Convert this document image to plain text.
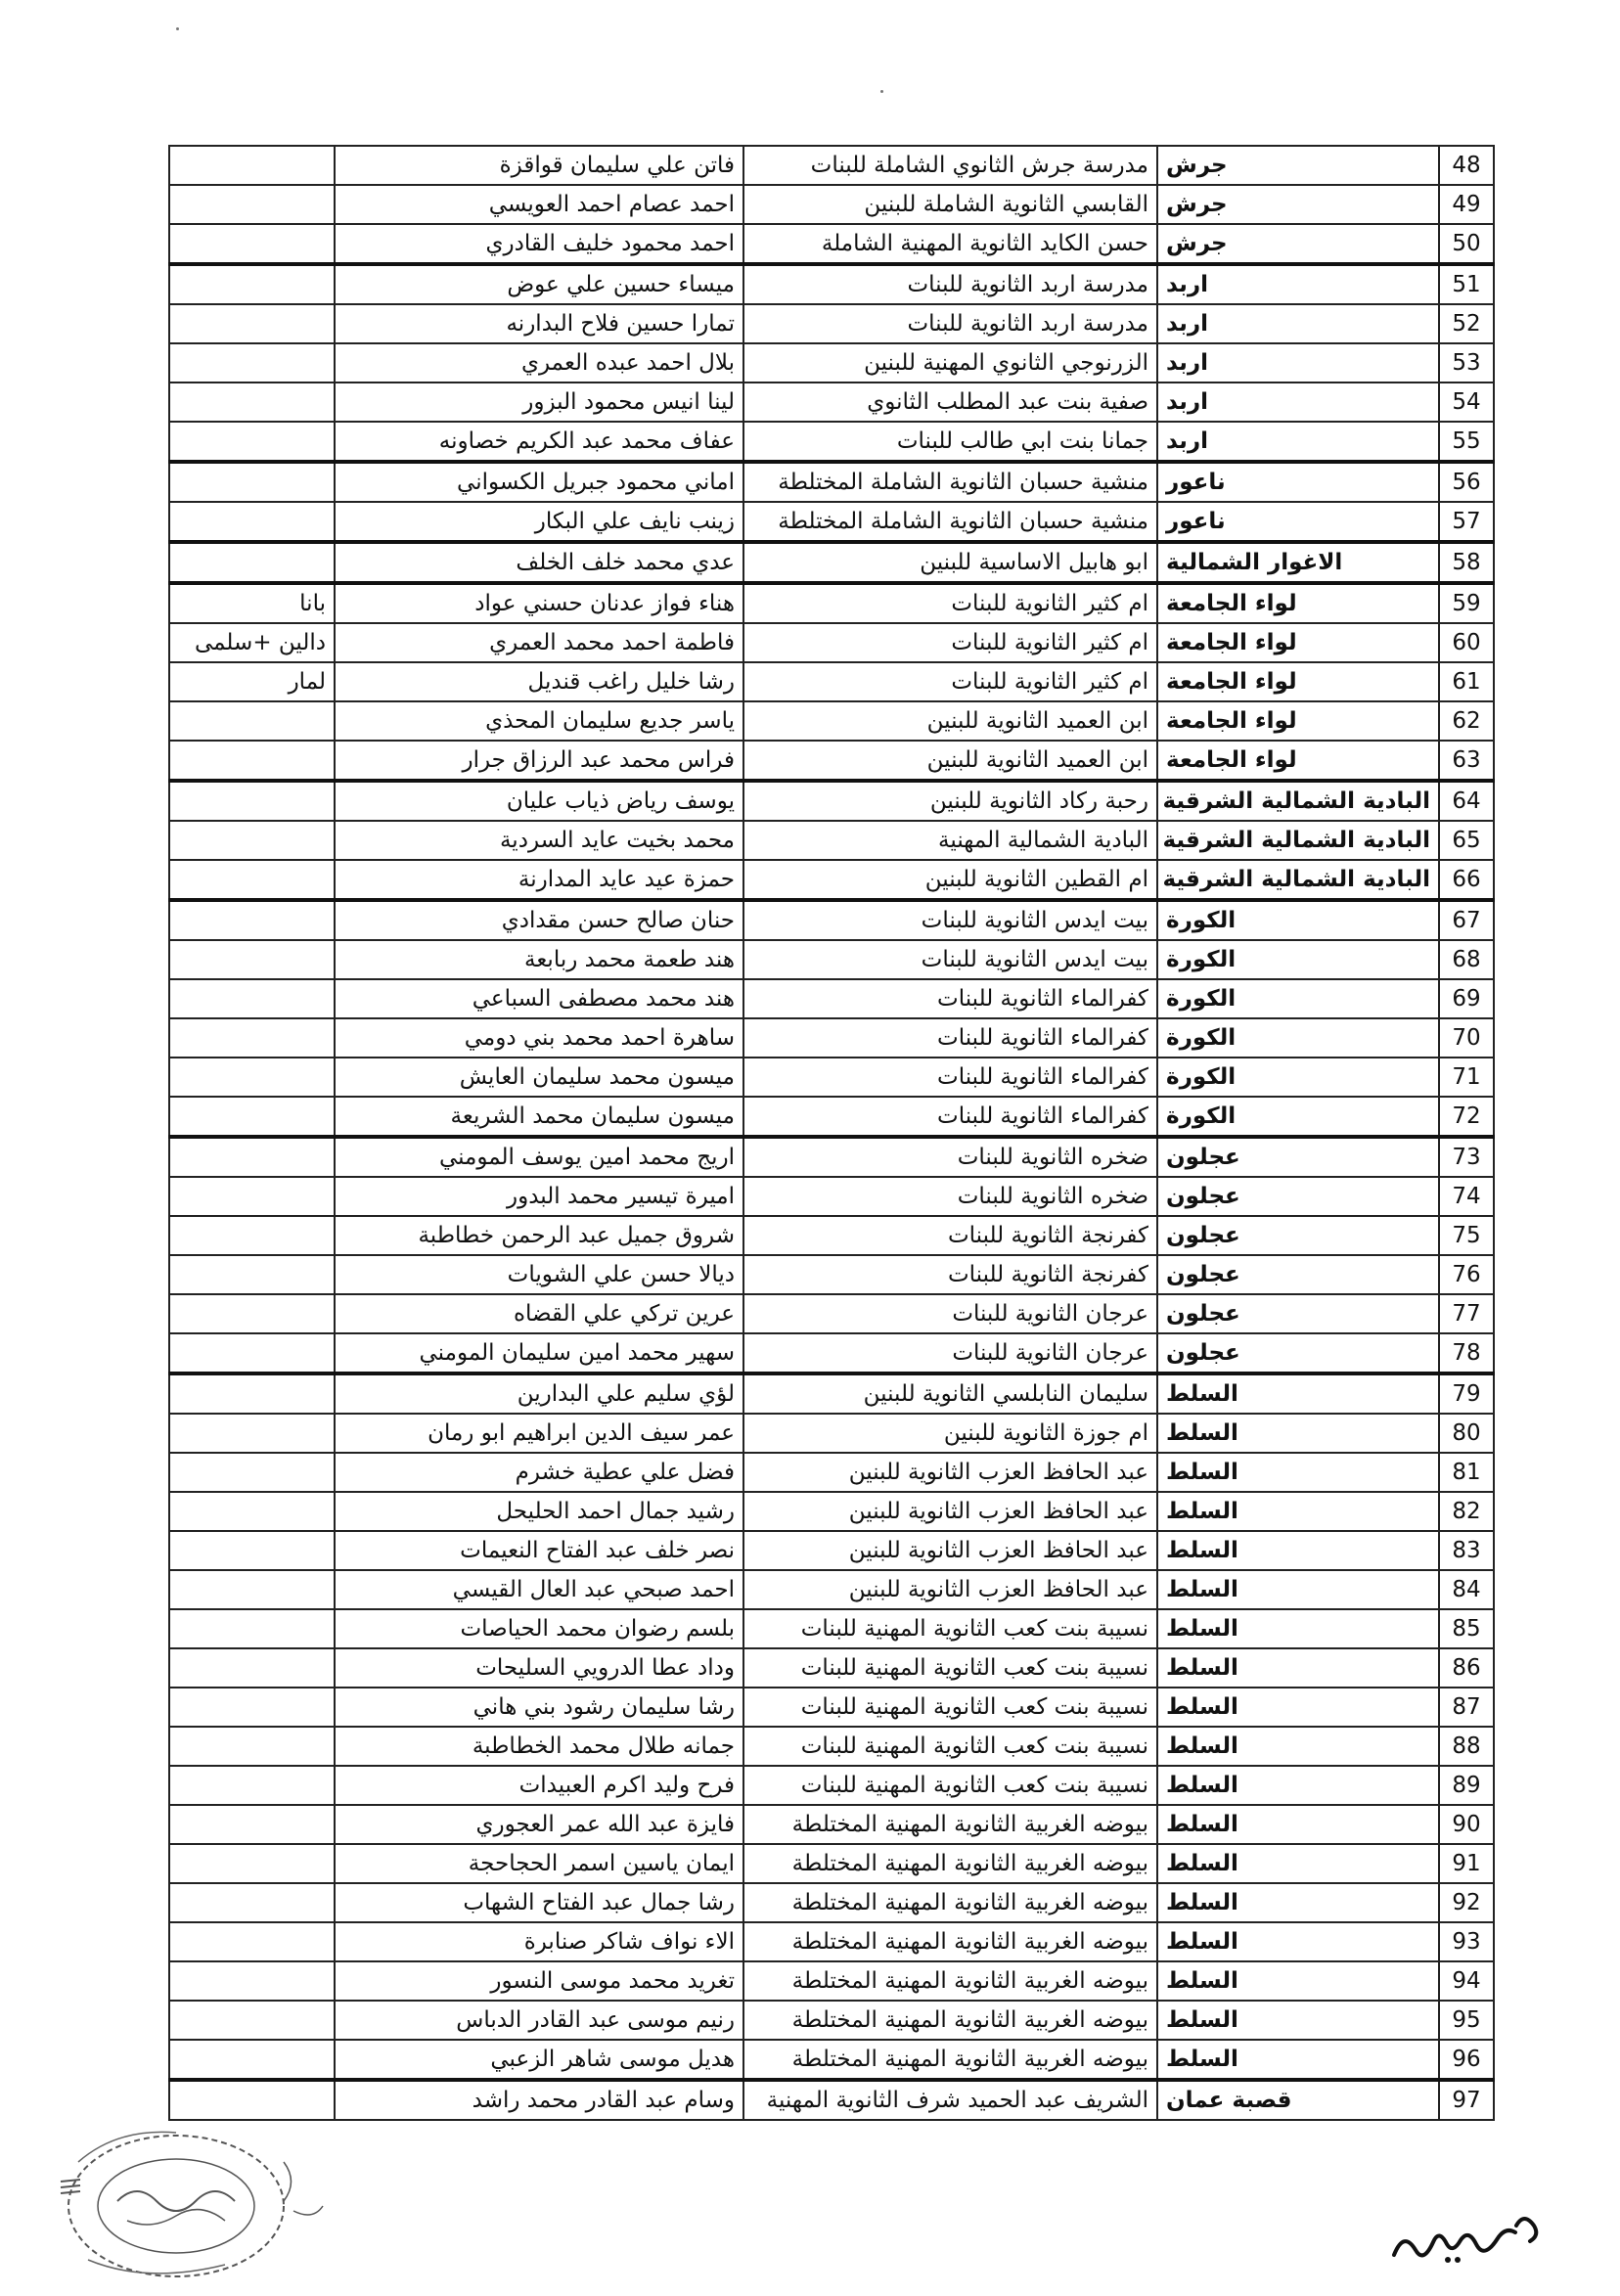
48	جرش	مدرسة جرش الثانوي الشاملة للبنات	فاتن علي سليمان قواقزة	
49	جرش	القابسي الثانوية الشاملة للبنين	احمد عصام احمد العويسي	
50	جرش	حسن الكايد الثانوية المهنية الشاملة	احمد محمود خليف القادري	
51	اربد	مدرسة اربد الثانوية للبنات	ميساء حسين علي عوض	
52	اربد	مدرسة اربد الثانوية للبنات	تمارا حسين فلاح البدارنه	
53	اربد	الزرنوجي الثانوي المهنية للبنين	بلال احمد عبده العمري	
54	اربد	صفية بنت عبد المطلب الثانوي	لينا انيس محمود البزور	
55	اربد	جمانا بنت ابي طالب للبنات	عفاف محمد عبد الكريم خصاونه	
56	ناعور	منشية حسبان الثانوية الشاملة المختلطة	اماني محمود جبريل الكسواني	
57	ناعور	منشية حسبان الثانوية الشاملة المختلطة	زينب نايف علي البكار	
58	الاغوار الشمالية	ابو هابيل الاساسية للبنين	عدي محمد خلف الخلف	
59	لواء الجامعة	ام كثير الثانوية للبنات	هناء فواز عدنان حسني عواد	بانا
60	لواء الجامعة	ام كثير الثانوية للبنات	فاطمة احمد محمد العمري	دالين +سلمى
61	لواء الجامعة	ام كثير الثانوية للبنات	رشا خليل راغب قنديل	لمار
62	لواء الجامعة	ابن العميد الثانوية للبنين	ياسر جديع سليمان المحذي	
63	لواء الجامعة	ابن العميد الثانوية للبنين	فراس محمد عبد الرزاق جرار	
64	البادية الشمالية الشرقية	رحبة ركاد الثانوية للبنين	يوسف رياض ذياب عليان	
65	البادية الشمالية الشرقية	البادية الشمالية المهنية	محمد بخيت عايد السردية	
66	البادية الشمالية الشرقية	ام القطين الثانوية للبنين	حمزة عيد عايد المدارنة	
67	الكورة	بيت ايدس الثانوية للبنات	حنان صالح حسن مقدادي	
68	الكورة	بيت ايدس الثانوية للبنات	هند طعمة محمد ربابعة	
69	الكورة	كفرالماء الثانوية للبنات	هند محمد مصطفى السباعي	
70	الكورة	كفرالماء الثانوية للبنات	ساهرة احمد محمد بني دومي	
71	الكورة	كفرالماء الثانوية للبنات	ميسون محمد سليمان العايش	
72	الكورة	كفرالماء الثانوية للبنات	ميسون سليمان محمد الشريعة	
73	عجلون	ضخره الثانوية للبنات	اريج محمد امين يوسف المومني	
74	عجلون	ضخره الثانوية للبنات	اميرة تيسير محمد البدور	
75	عجلون	كفرنجة الثانوية للبنات	شروق جميل عبد الرحمن خطاطبة	
76	عجلون	كفرنجة الثانوية للبنات	ديالا حسن علي الشويات	
77	عجلون	عرجان الثانوية للبنات	عرين تركي علي القضاه	
78	عجلون	عرجان الثانوية للبنات	سهير محمد امين سليمان المومني	
79	السلط	سليمان النابلسي الثانوية للبنين	لؤي سليم علي البدارين	
80	السلط	ام جوزة الثانوية للبنين	عمر سيف الدين ابراهيم ابو رمان	
81	السلط	عبد الحافظ العزب الثانوية للبنين	فضل علي عطية خشرم	
82	السلط	عبد الحافظ العزب الثانوية للبنين	رشيد جمال احمد الحليحل	
83	السلط	عبد الحافظ العزب الثانوية للبنين	نصر خلف عبد الفتاح النعيمات	
84	السلط	عبد الحافظ العزب الثانوية للبنين	احمد صبحي عبد العال القيسي	
85	السلط	نسيبة بنت كعب الثانوية المهنية للبنات	بلسم رضوان محمد الحياصات	
86	السلط	نسيبة بنت كعب الثانوية المهنية للبنات	وداد عطا الدرويي السليحات	
87	السلط	نسيبة بنت كعب الثانوية المهنية للبنات	رشا سليمان رشود بني هاني	
88	السلط	نسيبة بنت كعب الثانوية المهنية للبنات	جمانه طلال محمد الخطاطبة	
89	السلط	نسيبة بنت كعب الثانوية المهنية للبنات	فرح وليد اكرم العبيدات	
90	السلط	بيوضه الغربية الثانوية المهنية المختلطة	فايزة عبد الله عمر العجوري	
91	السلط	بيوضه الغربية الثانوية المهنية المختلطة	ايمان ياسين اسمر الحجاحجة	
92	السلط	بيوضه الغربية الثانوية المهنية المختلطة	رشا جمال عبد الفتاح الشهاب	
93	السلط	بيوضه الغربية الثانوية المهنية المختلطة	الاء نواف شاكر صنابرة	
94	السلط	بيوضه الغربية الثانوية المهنية المختلطة	تغريد محمد موسى النسور	
95	السلط	بيوضه الغربية الثانوية المهنية المختلطة	رنيم موسى عبد القادر الدباس	
96	السلط	بيوضه الغربية الثانوية المهنية المختلطة	هديل موسى شاهر الزعبي	
97	قصبة عمان	الشريف عبد الحميد شرف الثانوية المهنية	وسام عبد القادر محمد راشد	
